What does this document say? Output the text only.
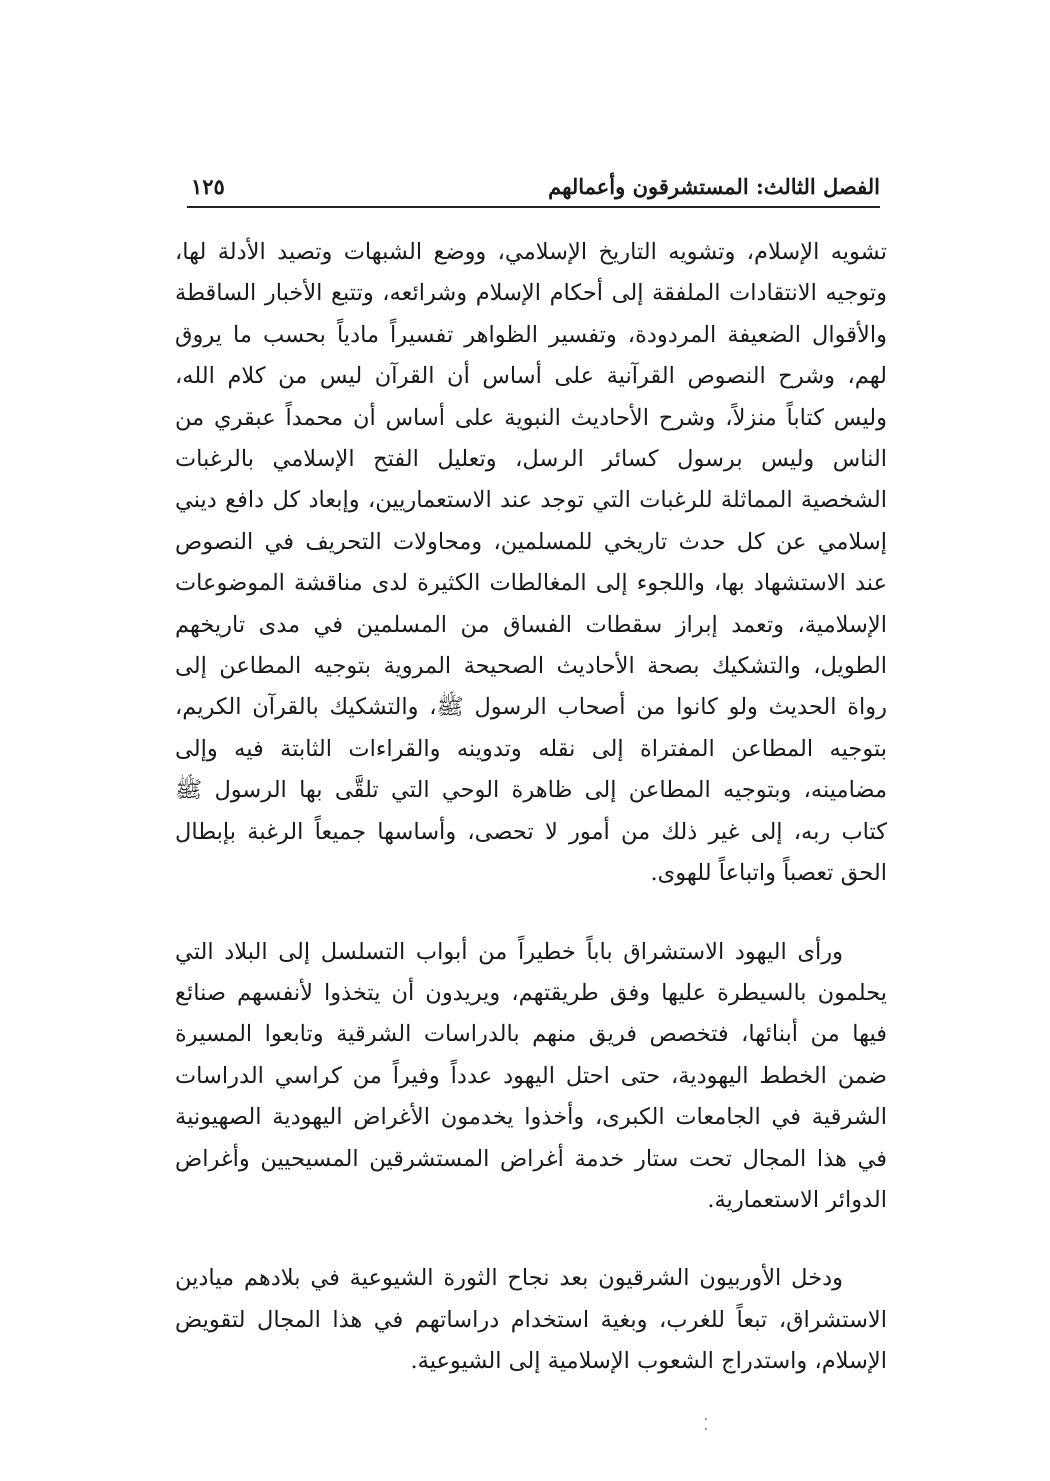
الفصل الثالث: المستشرقون وأعمالهم
١٢٥

تشويه الإسلام، وتشويه التاريخ الإسلامي، ووضع الشبهات وتصيد الأدلة لها، وتوجيه الانتقادات الملفقة إلى أحكام الإسلام وشرائعه، وتتبع الأخبار الساقطة والأقوال الضعيفة المردودة، وتفسير الظواهر تفسيراً مادياً بحسب ما يروق لهم، وشرح النصوص القرآنية على أساس أن القرآن ليس من كلام الله، وليس كتاباً منزلاً، وشرح الأحاديث النبوية على أساس أن محمداً عبقري من الناس وليس برسول كسائر الرسل، وتعليل الفتح الإسلامي بالرغبات الشخصية المماثلة للرغبات التي توجد عند الاستعماريين، وإبعاد كل دافع ديني إسلامي عن كل حدث تاريخي للمسلمين، ومحاولات التحريف في النصوص عند الاستشهاد بها، واللجوء إلى المغالطات الكثيرة لدى مناقشة الموضوعات الإسلامية، وتعمد إبراز سقطات الفساق من المسلمين في مدى تاريخهم الطويل، والتشكيك بصحة الأحاديث الصحيحة المروية بتوجيه المطاعن إلى رواة الحديث ولو كانوا من أصحاب الرسول ﷺ، والتشكيك بالقرآن الكريم، بتوجيه المطاعن المفتراة إلى نقله وتدوينه والقراءات الثابتة فيه وإلى مضامينه، وبتوجيه المطاعن إلى ظاهرة الوحي التي تلقَّى بها الرسول ﷺ كتاب ربه، إلى غير ذلك من أمور لا تحصى، وأساسها جميعاً الرغبة بإبطال الحق تعصباً واتباعاً للهوى.

ورأى اليهود الاستشراق باباً خطيراً من أبواب التسلسل إلى البلاد التي يحلمون بالسيطرة عليها وفق طريقتهم، ويريدون أن يتخذوا لأنفسهم صنائع فيها من أبنائها، فتخصص فريق منهم بالدراسات الشرقية وتابعوا المسيرة ضمن الخطط اليهودية، حتى احتل اليهود عدداً وفيراً من كراسي الدراسات الشرقية في الجامعات الكبرى، وأخذوا يخدمون الأغراض اليهودية الصهيونية في هذا المجال تحت ستار خدمة أغراض المستشرقين المسيحيين وأغراض الدوائر الاستعمارية.

ودخل الأوربيون الشرقيون بعد نجاح الثورة الشيوعية في بلادهم ميادين الاستشراق، تبعاً للغرب، وبغية استخدام دراساتهم في هذا المجال لتقويض الإسلام، واستدراج الشعوب الإسلامية إلى الشيوعية.
